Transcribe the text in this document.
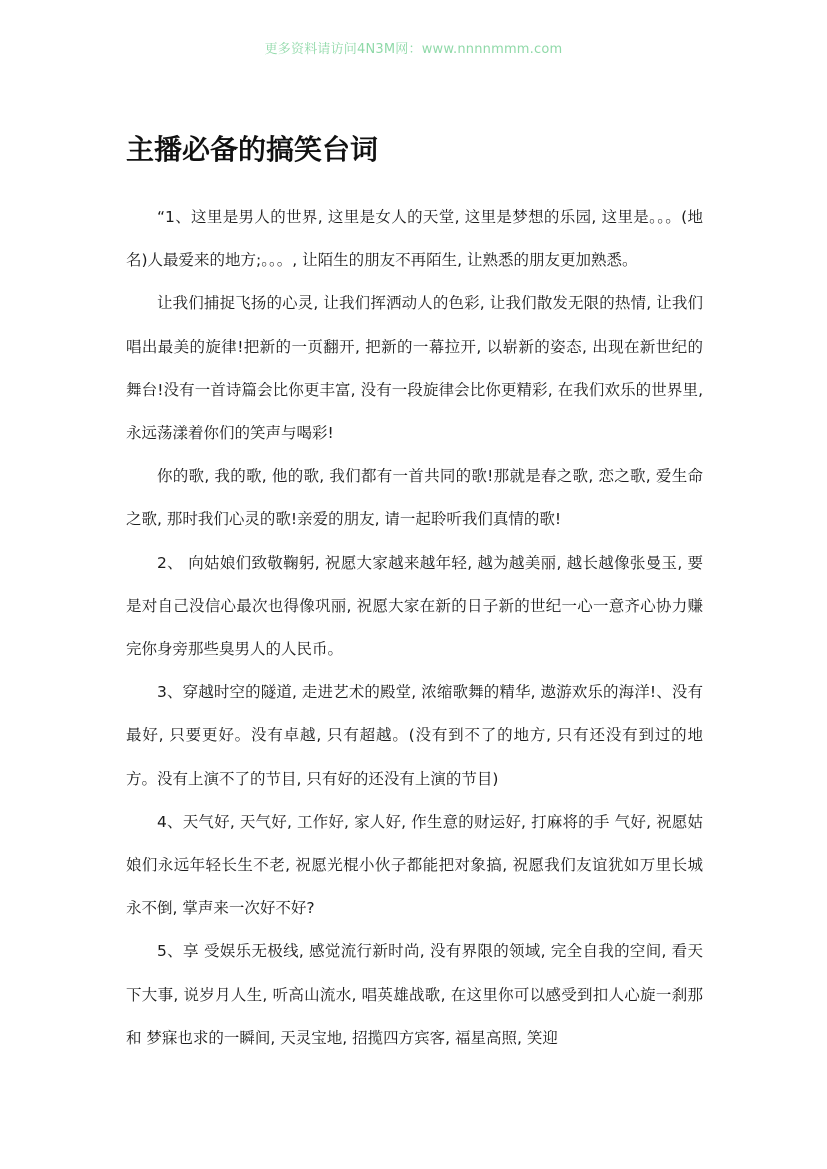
更多资料请访问4N3M网：www.nnnnmmm.com
主播必备的搞笑台词

“1、这里是男人的世界, 这里是女人的天堂, 这里是梦想的乐园, 这里是。。。(地名)人最爱来的地方;。。。, 让陌生的朋友不再陌生, 让熟悉的朋友更加熟悉。

让我们捕捉飞扬的心灵, 让我们挥洒动人的色彩, 让我们散发无限的热情, 让我们唱出最美的旋律!把新的一页翻开, 把新的一幕拉开, 以崭新的姿态, 出现在新世纪的舞台!没有一首诗篇会比你更丰富, 没有一段旋律会比你更精彩, 在我们欢乐的世界里, 永远荡漾着你们的笑声与喝彩!

你的歌, 我的歌, 他的歌, 我们都有一首共同的歌!那就是春之歌, 恋之歌, 爱生命之歌, 那时我们心灵的歌!亲爱的朋友, 请一起聆听我们真情的歌!

2、 向姑娘们致敬鞠躬, 祝愿大家越来越年轻, 越为越美丽, 越长越像张曼玉, 要是对自己没信心最次也得像巩丽, 祝愿大家在新的日子新的世纪一心一意齐心协力赚完你身旁那些臭男人的人民币。

3、穿越时空的隧道, 走进艺术的殿堂, 浓缩歌舞的精华, 遨游欢乐的海洋!、没有最好, 只要更好。没有卓越, 只有超越。(没有到不了的地方, 只有还没有到过的地方。没有上演不了的节目, 只有好的还没有上演的节目)

4、天气好, 天气好, 工作好, 家人好, 作生意的财运好, 打麻将的手 气好, 祝愿姑娘们永远年轻长生不老, 祝愿光棍小伙子都能把对象搞, 祝愿我们友谊犹如万里长城永不倒, 掌声来一次好不好?

5、享 受娱乐无极线, 感觉流行新时尚, 没有界限的领域, 完全自我的空间, 看天下大事, 说岁月人生, 听高山流水, 唱英雄战歌, 在这里你可以感受到扣人心旋一刹那和 梦寐也求的一瞬间, 天灵宝地, 招揽四方宾客, 福星高照, 笑迎
